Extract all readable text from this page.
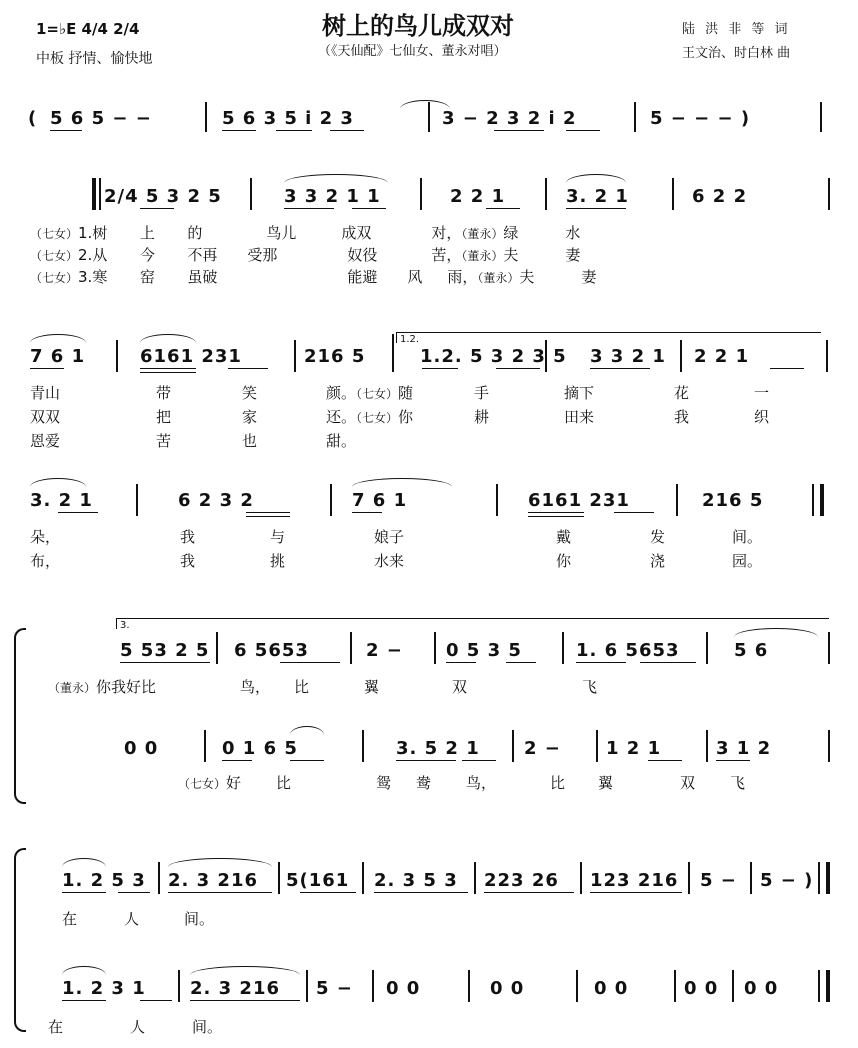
1=♭E 4/4 2/4
中板 抒情、愉快地
树上的鸟儿成双对
（《天仙配》七仙女、董永对唱）
陆 洪 非 等 词
王文治、时白林 曲
( 5 6 5 − −	5 6 3 5 i 2 3	3 − 2 3 2 i 2	5 − − − )
2/4 5 3 2 5	3 3 2 1 1	2 2 1	3. 2 1	6 2 2
（七女）1.树 上 的	鸟儿	成双	对，（董永）绿	水
（七女）2.从 今 不再 受那	奴役	苦，（董永）夫	妻
（七女）3.寒 窑 虽破	能避 风 雨，（董永）夫	妻
7 6 1	6161 231	216 5
1.2.
1.2. 5 3 2 3 5 3 3 2 1 2 2 1
青山	带	笑	颜。（七女）随	手	摘下	花	一
双双	把	家	还。（七女）你	耕	田来	我	织
恩爱	苦	也	甜。
3. 2 1	6 2 3 2	7 6 1	6161 231	216 5
朵，	我	与	娘子	戴	发	间。
布，	我	挑	水来	你	浇	园。
3.
5 53 2 5 6 5653	2 − 0 5 3 5	1. 6 5653	5 6
（董永）你我好比	鸟， 比	翼	双	飞
0 0	0 1 6 5	3. 5 2 1 2 −	1 2 1	3 1 2
（七女）好 比	鸳 鸯 鸟，	比 翼	双 飞
1. 2 5 3 2. 3 216 5(161 2. 3 5 3 223 26 123 216 5 − 5 − )
在	人	间。
1. 2 3 1 2. 3 216 5 − 0 0	0 0	0 0	0 0 0 0
在	人	间。
